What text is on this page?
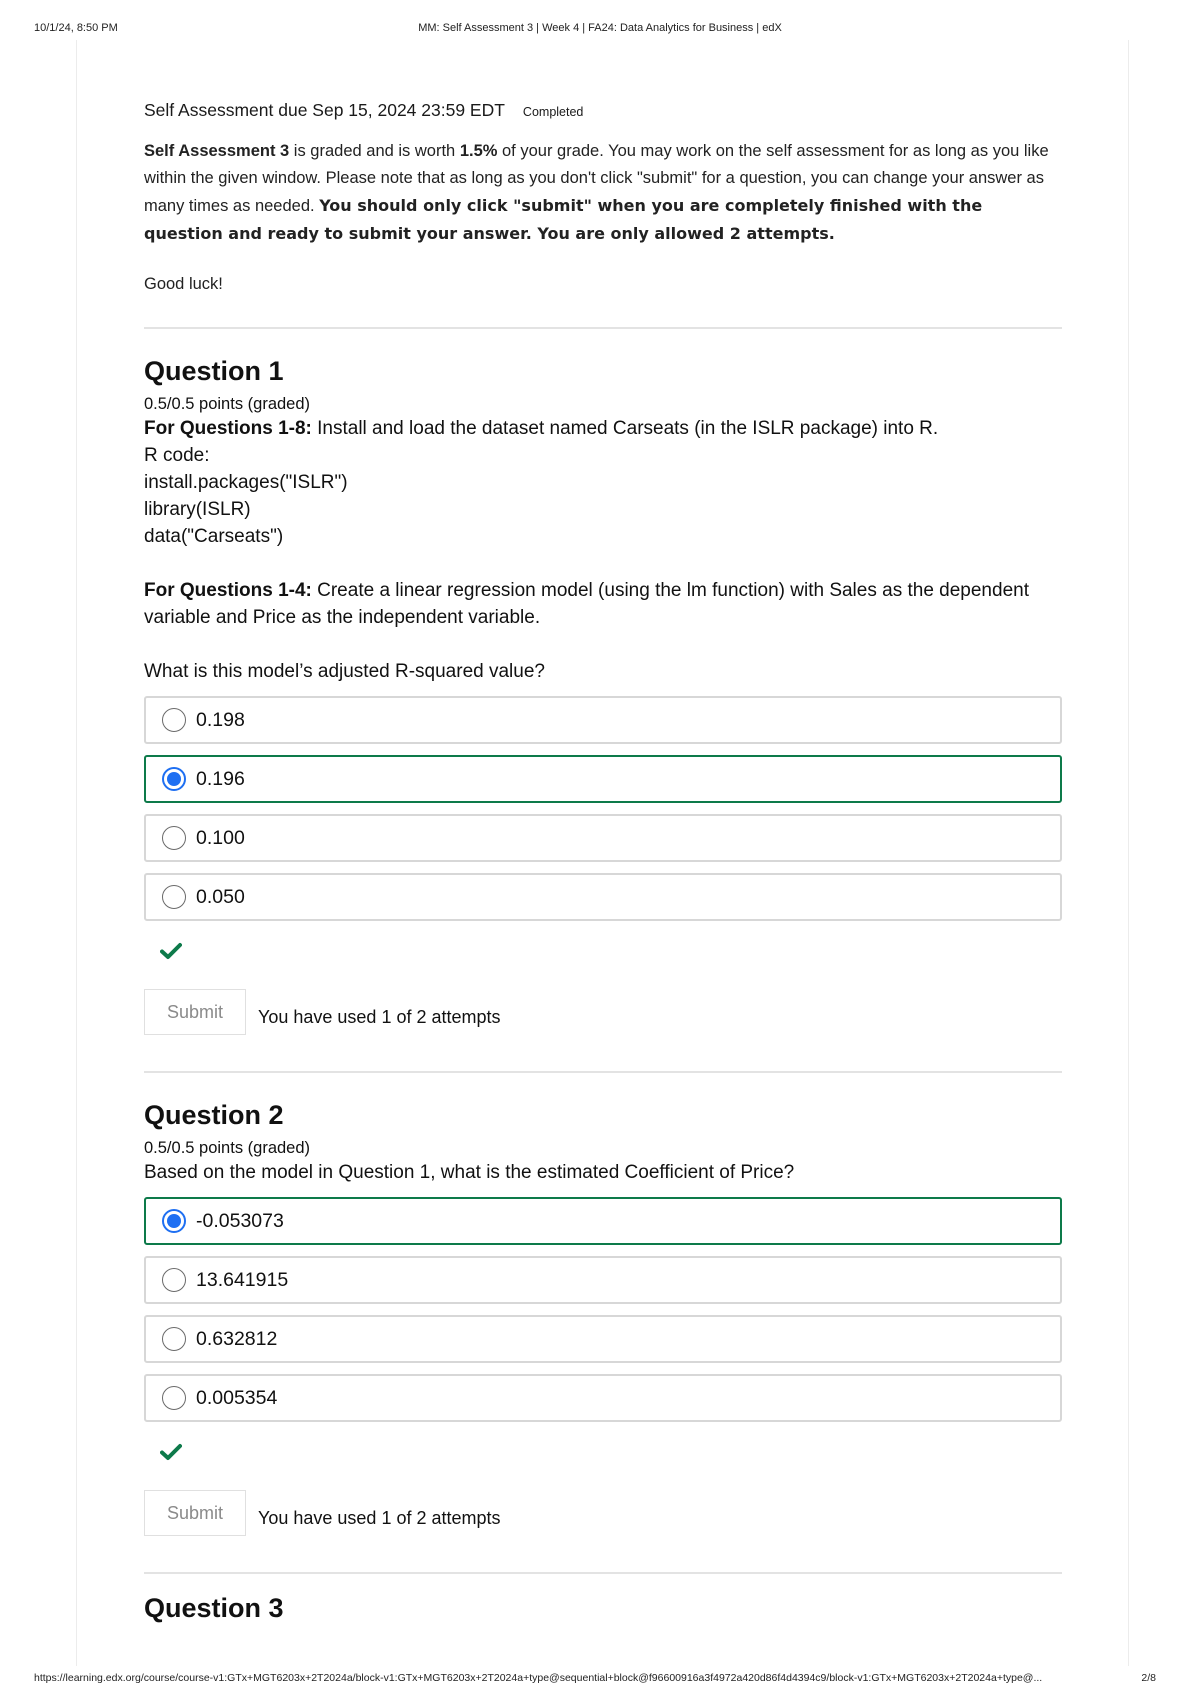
10/1/24, 8:50 PM	MM: Self Assessment 3 | Week 4 | FA24: Data Analytics for Business | edX
Self Assessment due Sep 15, 2024 23:59 EDT Completed

Self Assessment 3 is graded and is worth 1.5% of your grade. You may work on the self assessment for as long as you like within the given window. Please note that as long as you don't click "submit" for a question, you can change your answer as many times as needed. You should only click "submit" when you are completely finished with the question and ready to submit your answer. You are only allowed 2 attempts.

Good luck!

Question 1
0.5/0.5 points (graded)
For Questions 1-8: Install and load the dataset named Carseats (in the ISLR package) into R.
R code:
install.packages("ISLR")
library(ISLR)
data("Carseats")
For Questions 1-4: Create a linear regression model (using the lm function) with Sales as the dependent variable and Price as the independent variable.
What is this model’s adjusted R-squared value?
0.198
0.196
0.100
0.050
Submit	You have used 1 of 2 attempts
Question 2
0.5/0.5 points (graded)
Based on the model in Question 1, what is the estimated Coefficient of Price?
-0.053073
13.641915
0.632812
0.005354
Submit	You have used 1 of 2 attempts
Question 3
https://learning.edx.org/course/course-v1:GTx+MGT6203x+2T2024a/block-v1:GTx+MGT6203x+2T2024a+type@sequential+block@f96600916a3f4972a420d86f4d4394c9/block-v1:GTx+MGT6203x+2T2024a+type@...	2/8
